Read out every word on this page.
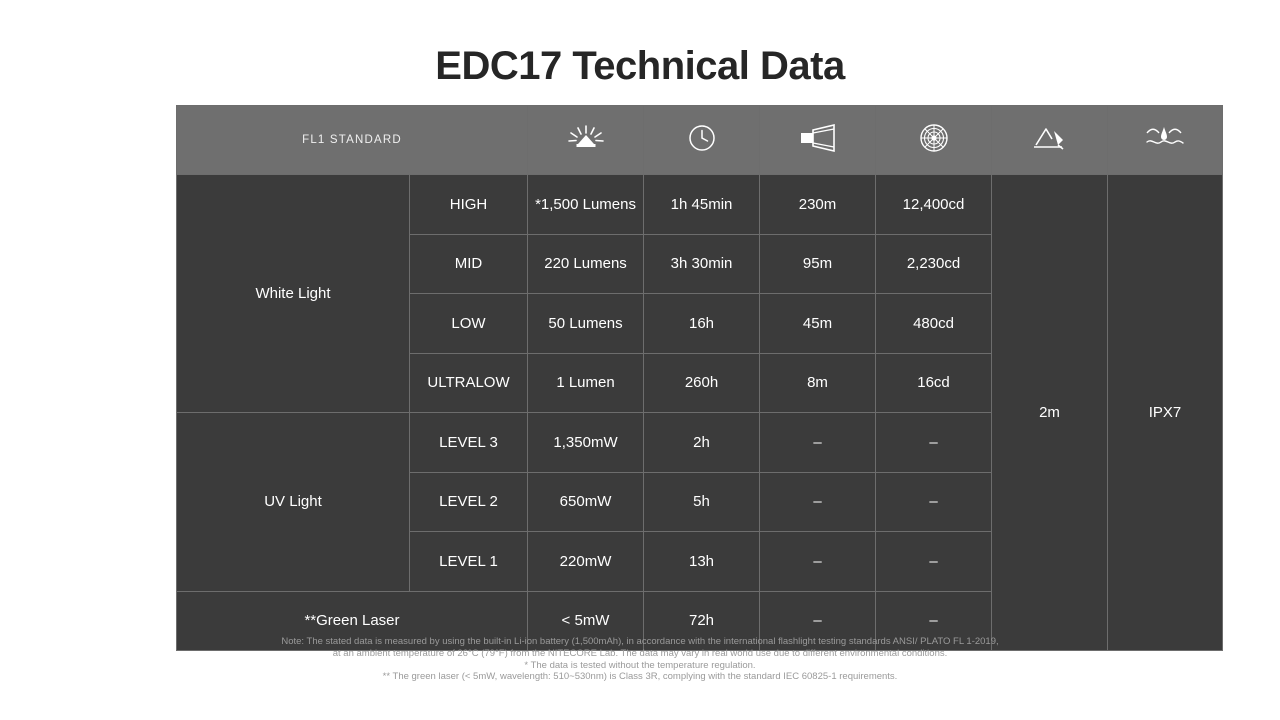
EDC17 Technical Data
FL1 STANDARD						
White Light	HIGH	*1,500 Lumens	1h 45min	230m	12,400cd	2m	IPX7
	MID	220 Lumens	3h 30min	95m	2,230cd		
	LOW	50 Lumens	16h	45m	480cd		
	ULTRALOW	1 Lumen	260h	8m	16cd		
UV Light	LEVEL 3	1,350mW	2h	–	–		
	LEVEL 2	650mW	5h	–	–		
	LEVEL 1	220mW	13h	–	–		
**Green Laser		< 5mW	72h	–	–		
Note: The stated data is measured by using the built-in Li-ion battery (1,500mAh), in accordance with the international flashlight testing standards ANSI/ PLATO FL 1-2019,
at an ambient temperature of 26°C (79°F) from the NITECORE Lab. The data may vary in real world use due to different environmental conditions.
* The data is tested without the temperature regulation.
** The green laser (< 5mW, wavelength: 510~530nm) is Class 3R, complying with the standard IEC 60825-1 requirements.
